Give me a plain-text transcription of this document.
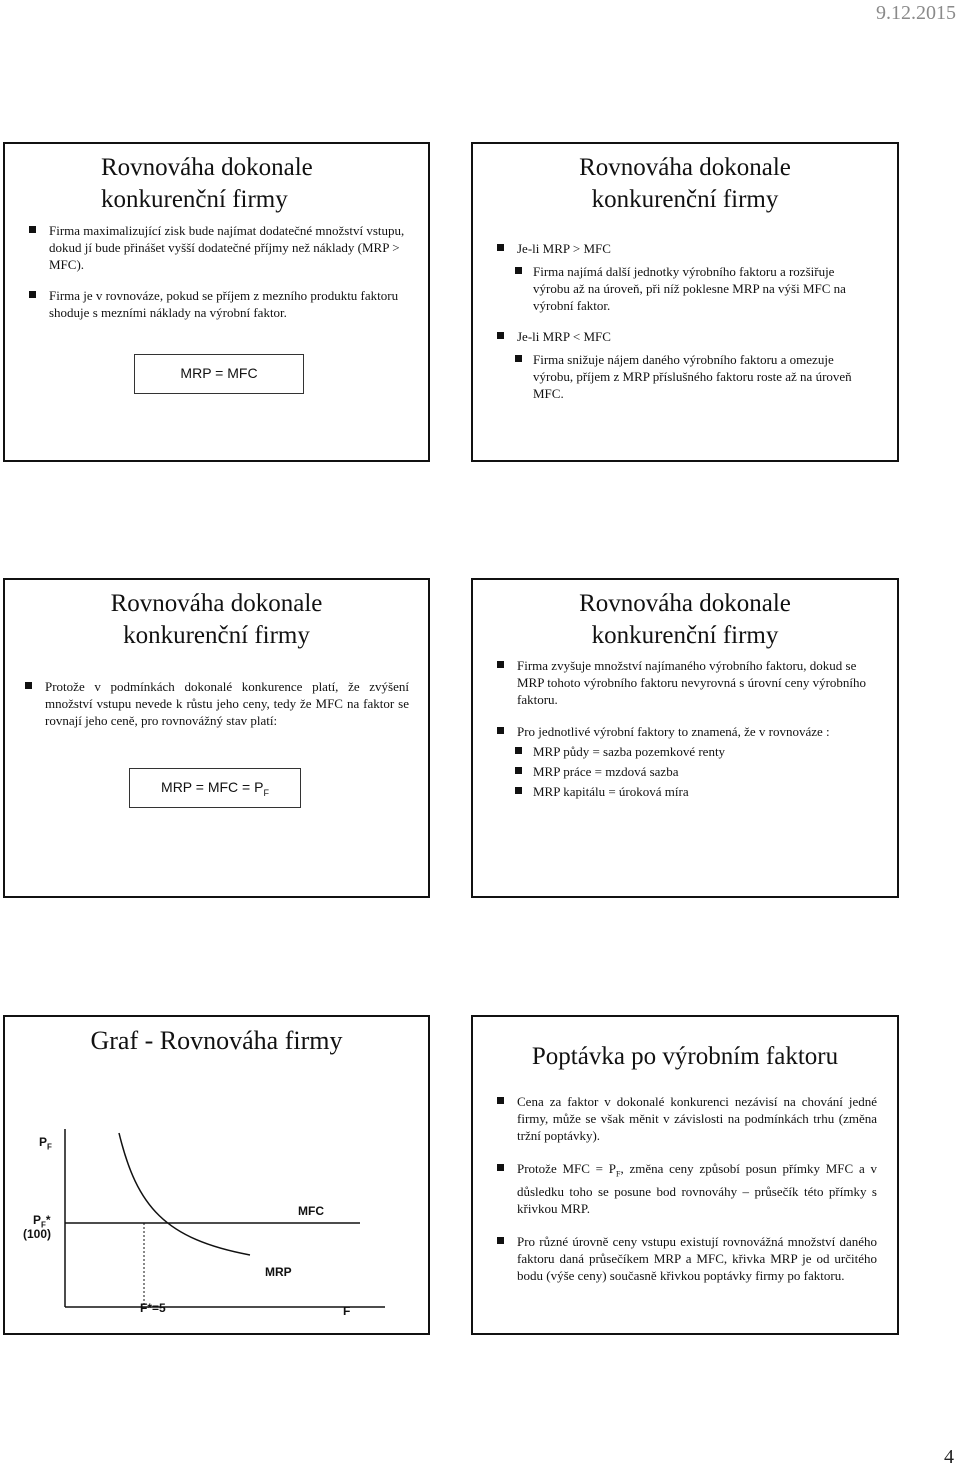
9.12.2015
Rovnováha dokonale
konkurenční firmy
Firma maximalizující zisk bude najímat dodatečné množství vstupu, dokud jí bude přinášet vyšší dodatečné příjmy než náklady (MRP > MFC).
Firma je v rovnováze, pokud se příjem z mezního produktu faktoru shoduje s mezními náklady na výrobní faktor.
MRP = MFC
Rovnováha dokonale
konkurenční firmy
Je-li MRP > MFC
Firma najímá další jednotky výrobního faktoru a rozšiřuje výrobu až na úroveň, při níž poklesne MRP na výši MFC na výrobní faktor.
Je-li MRP < MFC
Firma snižuje nájem daného výrobního faktoru a omezuje výrobu, příjem z MRP příslušného faktoru roste až na úroveň MFC.
Rovnováha dokonale
konkurenční firmy
Protože v podmínkách dokonalé konkurence platí, že zvýšení množství vstupu nevede k růstu jeho ceny, tedy že MFC na faktor se rovnají jeho ceně, pro rovnovážný stav platí:
MRP = MFC = $P_F$
Rovnováha dokonale
konkurenční firmy
Firma zvyšuje množství najímaného výrobního faktoru, dokud se MRP tohoto výrobního faktoru nevyrovná s úrovní ceny výrobního faktoru.
Pro jednotlivé výrobní faktory to znamená, že v rovnováze :
MRP půdy = sazba pozemkové renty
MRP práce = mzdová sazba
MRP kapitálu = úroková míra
Graf - Rovnováha firmy
$P_F$
$P_F*$
(100)
MFC
MRP
F*=5	F
Poptávka po výrobním faktoru
Cena za faktor v dokonalé konkurenci nezávisí na chování jedné firmy, může se však měnit v závislosti na podmínkách trhu (změna tržní poptávky).
Protože MFC = $P_F$, změna ceny způsobí posun přímky MFC a v důsledku toho se posune bod rovnováhy – průsečík této přímky s křivkou MRP.
Pro různé úrovně ceny vstupu existují rovnovážná množství daného faktoru daná průsečíkem MRP a MFC, křivka MRP je od určitého bodu (výše ceny) současně křivkou poptávky firmy po faktoru.
4
